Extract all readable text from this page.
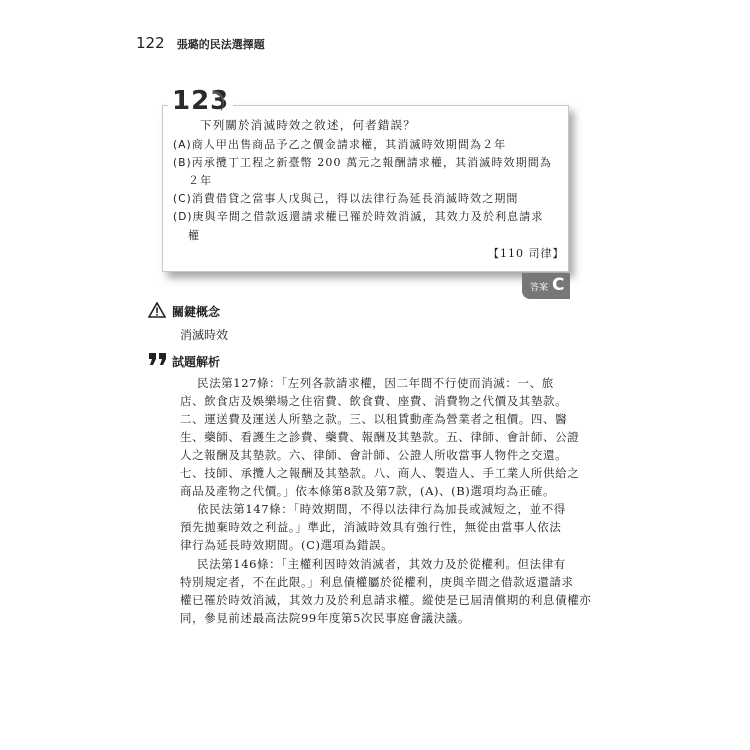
122 張璐的民法選擇題
123
下列關於消滅時效之敘述，何者錯誤？
(A)商人甲出售商品予乙之價金請求權，其消滅時效期間為２年
(B)丙承攬丁工程之新臺幣 200 萬元之報酬請求權，其消滅時效期間為
２年
(C)消費借貸之當事人戊與己，得以法律行為延長消滅時效之期間
(D)庚與辛間之借款返還請求權已罹於時效消滅，其效力及於利息請求
權
【110 司律】
答案 C
關鍵概念
消滅時效
試題解析
民法第127條：「左列各款請求權，因二年間不行使而消滅：一、旅
店、飲食店及娛樂場之住宿費、飲食費、座費、消費物之代價及其墊款。
二、運送費及運送人所墊之款。三、以租賃動產為營業者之租價。四、醫
生、藥師、看護生之診費、藥費、報酬及其墊款。五、律師、會計師、公證
人之報酬及其墊款。六、律師、會計師、公證人所收當事人物件之交還。
七、技師、承攬人之報酬及其墊款。八、商人、製造人、手工業人所供給之
商品及產物之代價。」依本條第8款及第7款，(A)、(B)選項均為正確。
依民法第147條：「時效期間，不得以法律行為加長或減短之，並不得
預先拋棄時效之利益。」準此，消滅時效具有強行性，無從由當事人依法
律行為延長時效期間。(C)選項為錯誤。
民法第146條：「主權利因時效消滅者，其效力及於從權利。但法律有
特別規定者，不在此限。」利息債權屬於從權利，庚與辛間之借款返還請求
權已罹於時效消滅，其效力及於利息請求權。縱使是已屆清償期的利息債權亦
同，參見前述最高法院99年度第5次民事庭會議決議。
